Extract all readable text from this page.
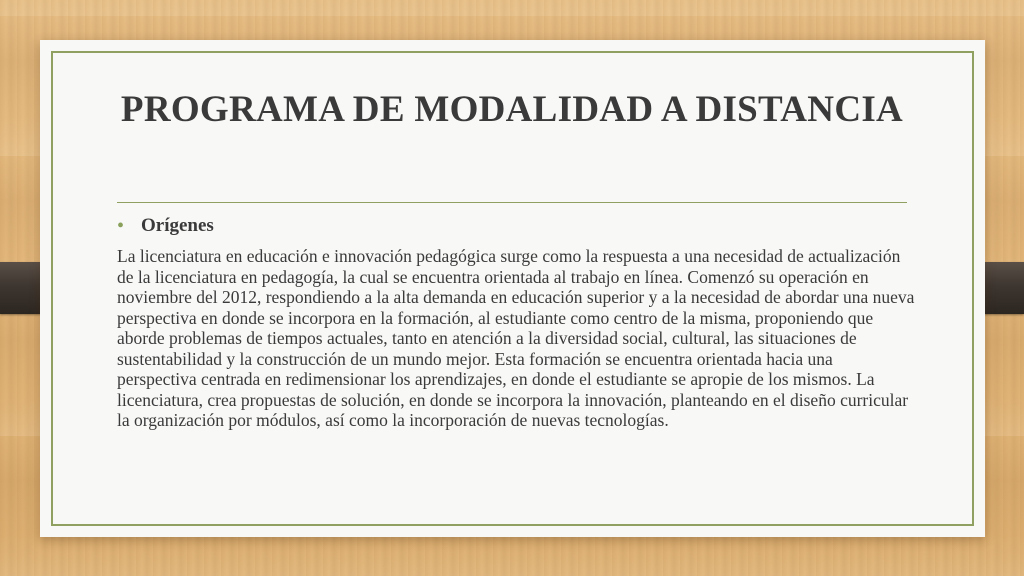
PROGRAMA DE MODALIDAD A DISTANCIA
• Orígenes

La licenciatura en educación e innovación pedagógica surge como la respuesta a una necesidad de actualización de la licenciatura en pedagogía, la cual se encuentra orientada al trabajo en línea. Comenzó su operación en noviembre del 2012, respondiendo a la alta demanda en educación superior y a la necesidad de abordar una nueva perspectiva en donde se incorpora en la formación, al estudiante como centro de la misma, proponiendo que aborde problemas de tiempos actuales, tanto en atención a la diversidad social, cultural, las situaciones de sustentabilidad y la construcción de un mundo mejor. Esta formación se encuentra orientada hacia una perspectiva centrada en redimensionar los aprendizajes, en donde el estudiante se apropie de los mismos. La licenciatura, crea propuestas de solución, en donde se incorpora la innovación, planteando en el diseño curricular la organización por módulos, así como la incorporación de nuevas tecnologías.
